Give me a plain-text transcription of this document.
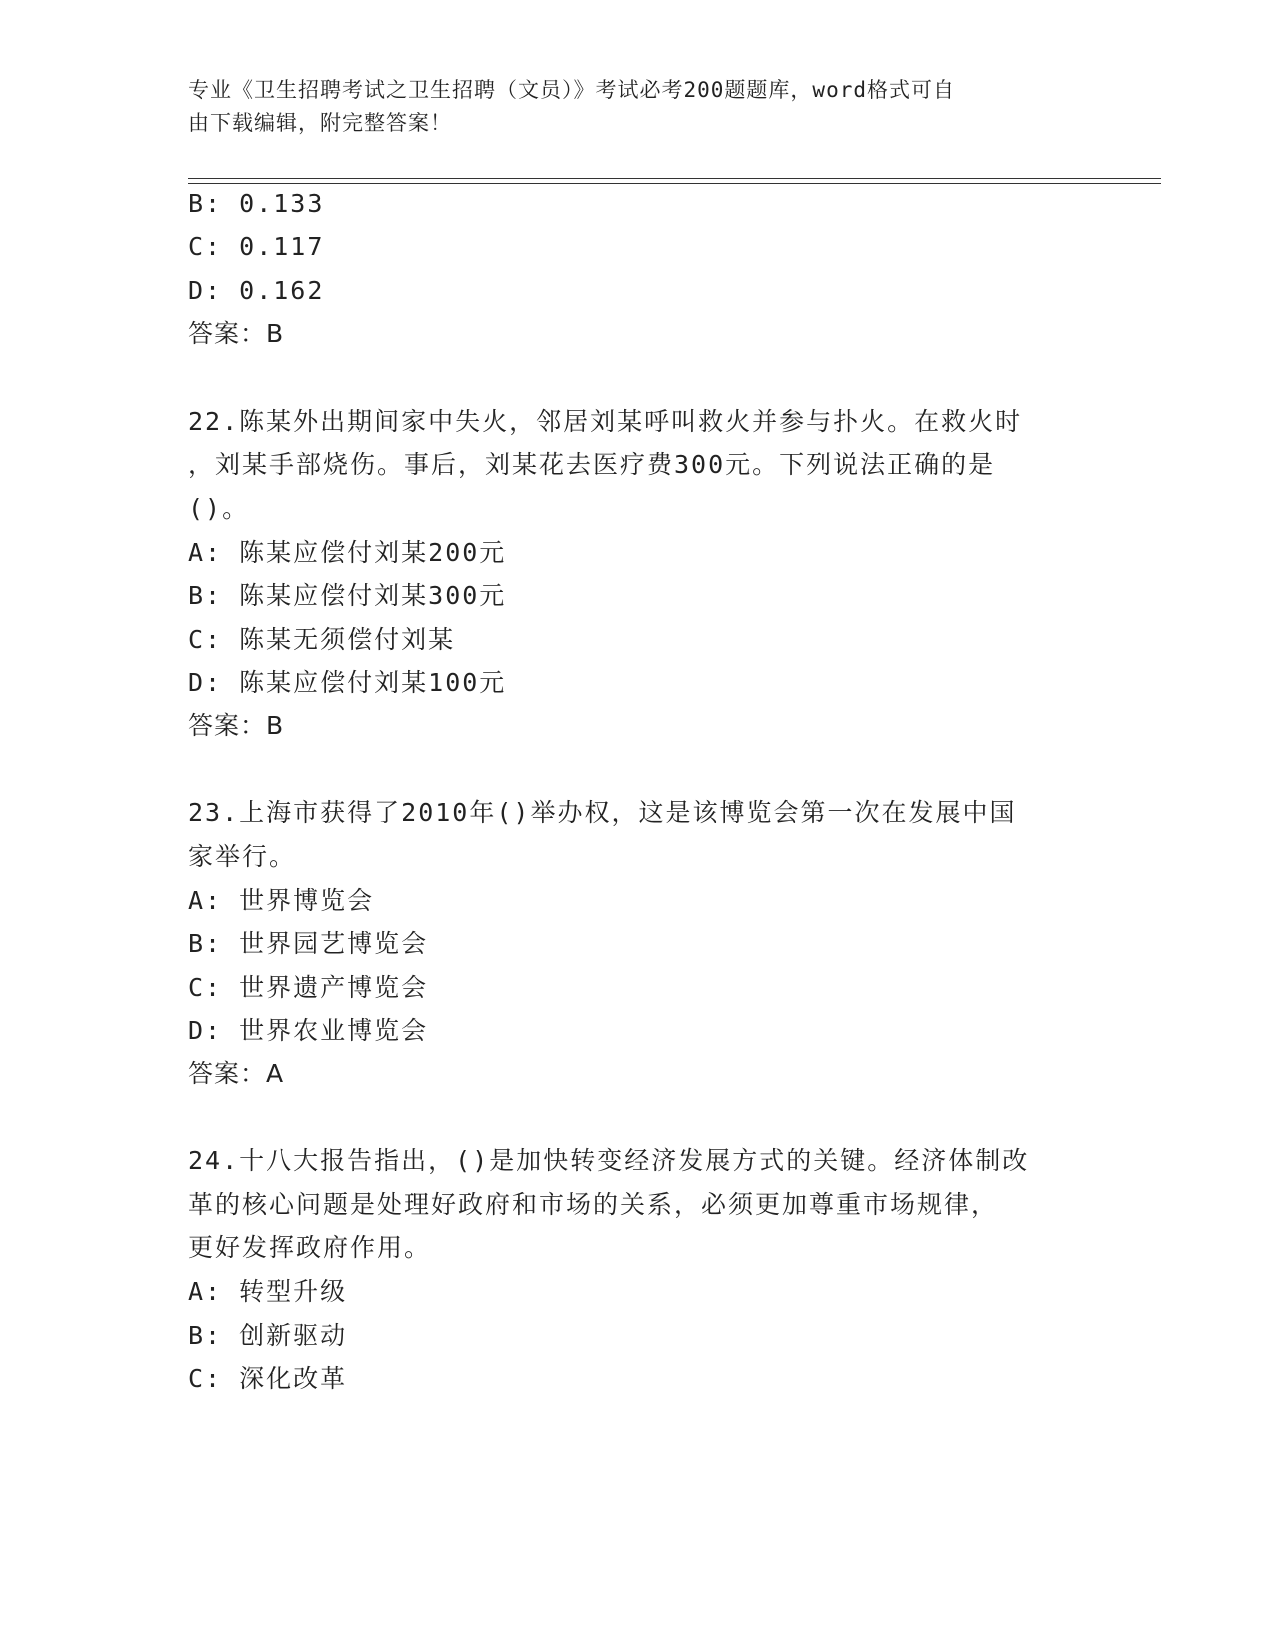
专业《卫生招聘考试之卫生招聘（文员）》考试必考200题题库，word格式可自
由下载编辑，附完整答案！
B: 0.133
C: 0.117
D: 0.162
答案：B
22.陈某外出期间家中失火，邻居刘某呼叫救火并参与扑火。在救火时
，刘某手部烧伤。事后，刘某花去医疗费300元。下列说法正确的是
()。
A: 陈某应偿付刘某200元
B: 陈某应偿付刘某300元
C: 陈某无须偿付刘某
D: 陈某应偿付刘某100元
答案：B
23.上海市获得了2010年()举办权，这是该博览会第一次在发展中国
家举行。
A: 世界博览会
B: 世界园艺博览会
C: 世界遗产博览会
D: 世界农业博览会
答案：A
24.十八大报告指出，()是加快转变经济发展方式的关键。经济体制改
革的核心问题是处理好政府和市场的关系，必须更加尊重市场规律，
更好发挥政府作用。
A: 转型升级
B: 创新驱动
C: 深化改革
